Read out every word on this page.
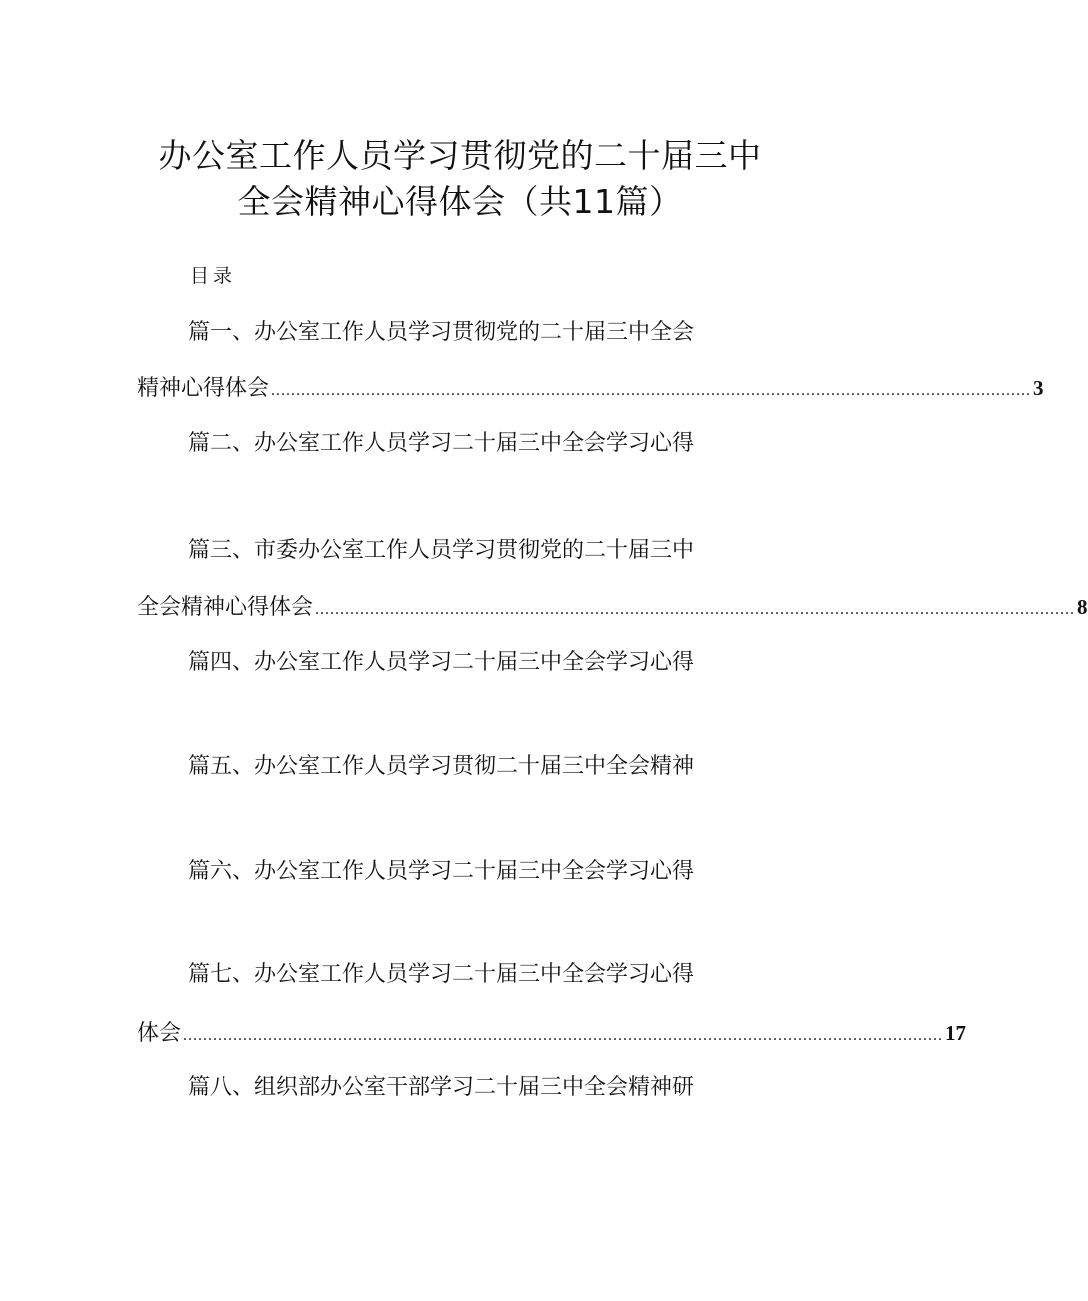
办公室工作人员学习贯彻党的二十届三中
全会精神心得体会（共11篇）
目录
篇一、办公室工作人员学习贯彻党的二十届三中全会
精神心得体会 ........................................................................................................................................................ 3
篇二、办公室工作人员学习二十届三中全会学习心得
篇三、市委办公室工作人员学习贯彻党的二十届三中
全会精神心得体会 ........................................................................................................................................................ 8
篇四、办公室工作人员学习二十届三中全会学习心得
篇五、办公室工作人员学习贯彻二十届三中全会精神
篇六、办公室工作人员学习二十届三中全会学习心得
篇七、办公室工作人员学习二十届三中全会学习心得
体会 ........................................................................................................................................................ 17
篇八、组织部办公室干部学习二十届三中全会精神研
